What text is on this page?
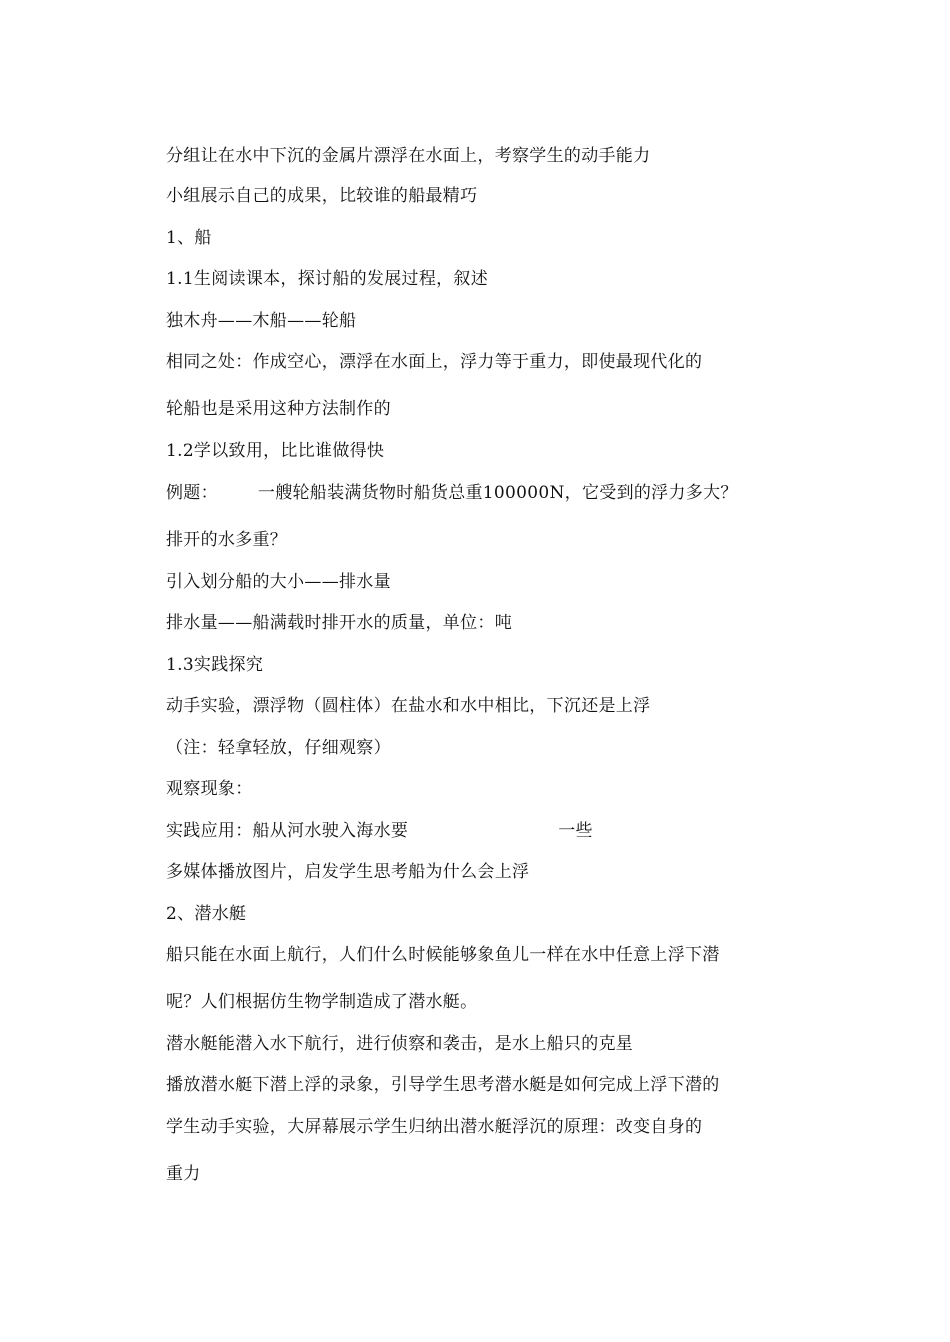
分组让在水中下沉的金属片漂浮在水面上，考察学生的动手能力
小组展示自己的成果，比较谁的船最精巧
1、船
1.1生阅读课本，探讨船的发展过程，叙述
独木舟——木船——轮船
相同之处：作成空心，漂浮在水面上，浮力等于重力，即使最现代化的
轮船也是采用这种方法制作的
1.2学以致用，比比谁做得快
例题： 一艘轮船装满货物时船货总重100000N，它受到的浮力多大？
排开的水多重？
引入划分船的大小——排水量
排水量——船满载时排开水的质量，单位：吨
1.3实践探究
动手实验，漂浮物（圆柱体）在盐水和水中相比，下沉还是上浮
（注：轻拿轻放，仔细观察）
观察现象：
实践应用：船从河水驶入海水要	一些
多媒体播放图片，启发学生思考船为什么会上浮
2、潜水艇
船只能在水面上航行，人们什么时候能够象鱼儿一样在水中任意上浮下潜
呢？人们根据仿生物学制造成了潜水艇。
潜水艇能潜入水下航行，进行侦察和袭击，是水上船只的克星
播放潜水艇下潜上浮的录象，引导学生思考潜水艇是如何完成上浮下潜的
学生动手实验，大屏幕展示学生归纳出潜水艇浮沉的原理：改变自身的
重力
